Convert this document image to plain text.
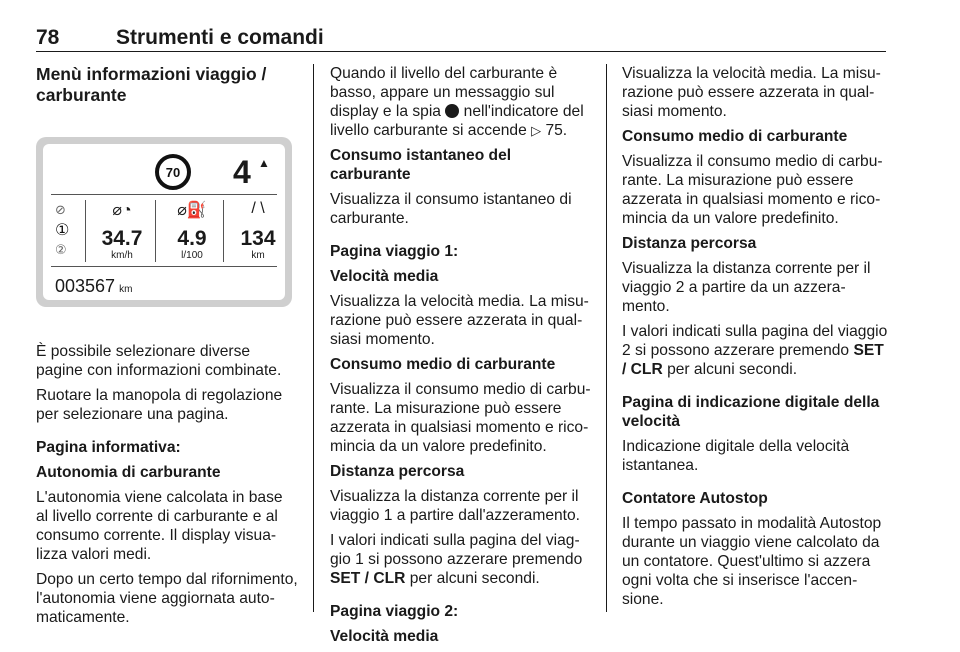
78	Strumenti e comandi

Menù informazioni viaggio / carburante

70 4 ▲
⊘
①
②
⌀◔
34.7
km/h
⌀⛽
4.9
l/100
/ \
134
km
003567 km

È possibile selezionare diverse pagine con informazioni combinate.

Ruotare la manopola di regolazione per selezionare una pagina.

Pagina informativa:

Autonomia di carburante

L'autonomia viene calcolata in base al livello corrente di carburante e al consumo corrente. Il display visualizza valori medi.

Dopo un certo tempo dal rifornimento, l'autonomia viene aggiornata automaticamente.

Quando il livello del carburante è basso, appare un messaggio sul display e la spia nell'indicatore del livello carburante si accende ▷ 75.

Consumo istantaneo del carburante

Visualizza il consumo istantaneo di carburante.

Pagina viaggio 1:

Velocità media

Visualizza la velocità media. La misurazione può essere azzerata in qualsiasi momento.

Consumo medio di carburante

Visualizza il consumo medio di carburante. La misurazione può essere azzerata in qualsiasi momento e ricomincia da un valore predefinito.

Distanza percorsa

Visualizza la distanza corrente per il viaggio 1 a partire dall'azzeramento.

I valori indicati sulla pagina del viaggio 1 si possono azzerare premendo SET / CLR per alcuni secondi.

Pagina viaggio 2:

Velocità media

Visualizza la velocità media. La misurazione può essere azzerata in qualsiasi momento.

Consumo medio di carburante

Visualizza il consumo medio di carburante. La misurazione può essere azzerata in qualsiasi momento e ricomincia da un valore predefinito.

Distanza percorsa

Visualizza la distanza corrente per il viaggio 2 a partire da un azzeramento.

I valori indicati sulla pagina del viaggio 2 si possono azzerare premendo SET / CLR per alcuni secondi.

Pagina di indicazione digitale della velocità

Indicazione digitale della velocità istantanea.

Contatore Autostop

Il tempo passato in modalità Autostop durante un viaggio viene calcolato da un contatore. Quest'ultimo si azzera ogni volta che si inserisce l'accensione.
